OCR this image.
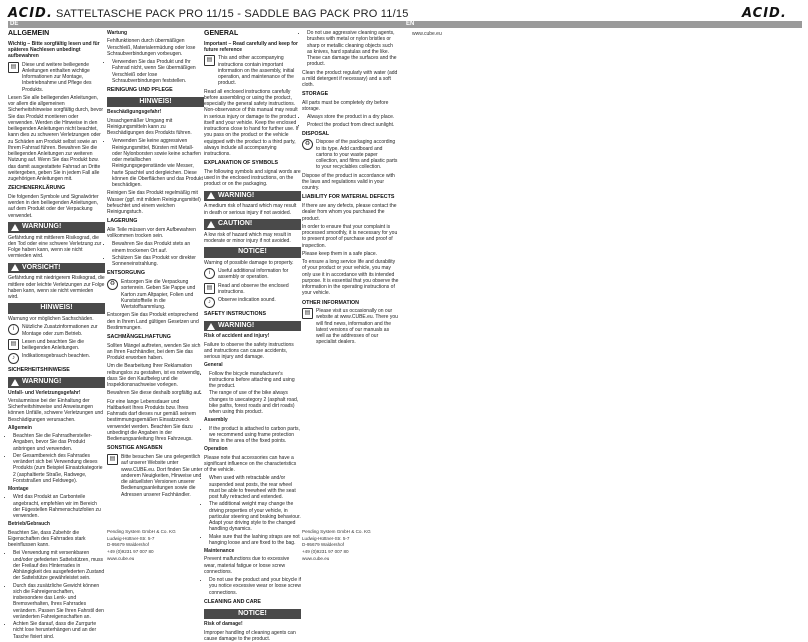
ACID. SATTELTASCHE PACK PRO 11/15 - SADDLE BAG PACK PRO 11/15	ACID.
DE	EN
ALLGEMEIN

Wichtig – Bitte sorgfältig lesen und für späteres Nachlesen unbedingt aufbewahren

▤	Diese und weitere beiliegende Anleitungen enthalten wichtige Informationen zur Montage, Inbetriebnahme und Pflege des Produkts.

Lesen Sie alle beiliegenden Anleitungen, vor allem die allgemeinen Sicherheitshinweise sorgfältig durch, bevor Sie das Produkt montieren oder verwenden. Werden die Hinweise in den beiliegenden Anleitungen nicht beachtet, kann dies zu schweren Verletzungen oder zu Schäden am Produkt selbst sowie an Ihrem Fahrrad führen. Bewahren Sie die beiliegenden Anleitungen zur weiteren Nutzung auf. Wenn Sie das Produkt bzw. das damit ausgestattete Fahrrad an Dritte weitergeben, geben Sie in jedem Fall alle zugehörigen Anleitungen mit.

ZEICHENERKLÄRUNG

Die folgenden Symbole und Signalwörter werden in den beiliegenden Anleitungen, auf dem Produkt oder der Verpackung verwendet.

WARNUNG!

Gefährdung mit mittlerem Risikograd, die den Tod oder eine schwere Verletzung zur Folge haben kann, wenn sie nicht vermieden wird.

VORSICHT!

Gefährdung mit niedrigerem Risikograd, die mittlere oder leichte Verletzungen zur Folge haben kann, wenn sie nicht vermieden wird.

HINWEIS!

Warnung vor möglichen Sachschäden.

i	Nützliche Zusatzinformationen zur Montage oder zum Betrieb.
▤	Lesen und beachten Sie die beiliegenden Anleitungen.
♪	Indikationsgebrauch beachten.
SICHERHEITSHINWEISE
WARNUNG!

Unfall- und Verletzungsgefahr!

Versäumnisse bei der Einhaltung der Sicherheitshinweise und Anweisungen können Unfälle, schwere Verletzungen und Beschädigungen verursachen.

Allgemein

• Beachten Sie die Fahrradhersteller-Angaben, bevor Sie das Produkt anbringen und verwenden.
• Der Gesamtbereich des Fahrrades verändert sich bei Verwendung dieses Produkts (zum Beispiel Einsatzkategorie 2 (asphaltierte Straße, Radwege, Forststraßen und Feldwege).

Montage

• Wird das Produkt an Carbonteile angebracht, empfehlen wir im Bereich der Fügestellen Rahmenschutzfolien zu verwenden.

Betrieb/Gebrauch

Beachten Sie, dass Zubehör die Eigenschaften des Fahrrades stark beeinflussen kann.

• Bei Verwendung mit versenkbaren und/oder gefederten Sattelstützen, muss der Freilauf des Hinterrades in Abhängigkeit des ausgefederten Zustand der Sattelstütze gewährleistet sein.
• Durch das zusätzliche Gewicht können sich die Fahreigenschaften, insbesondere das Lenk- und Bremsverhalten, Ihres Fahrrades verändern. Passen Sie Ihren Fahrstil den veränderten Fahreigenschaften an.
• Achten Sie darauf, dass die Zurrgurte nicht lose herunterhängen und an der Tasche fixiert sind.

Wartung

Fehlfunktionen durch übermäßigen Verschleiß, Materialermüdung oder lose Schraubverbindungen vorbeugen.

• Verwenden Sie das Produkt und Ihr Fahrrad nicht, wenn Sie übermäßigen Verschleiß oder lose Schraubverbindungen feststellen.
REINIGUNG UND PFLEGE
HINWEIS!

Beschädigungsgefahr!

Unsachgemäßer Umgang mit Reinigungsmitteln kann zu Beschädigungen des Produkts führen.

• Verwenden Sie keine aggressiven Reinigungsmittel, Bürsten mit Metall- oder Nylonborsten sowie keine scharfen oder metallischen Reinigungsgegenstände wie Messer, harte Spachtel und dergleichen. Diese können die Oberflächen und das Produkt beschädigen.

Reinigen Sie das Produkt regelmäßig mit Wasser (ggf. mit mildem Reinigungsmittel) befeuchtet und einem weichen Reinigungstuch.

LAGERUNG

Alle Teile müssen vor dem Aufbewahren vollkommen trocken sein.

• Bewahren Sie das Produkt stets an einem trockenen Ort auf.
• Schützen Sie das Produkt vor direkter Sonneneinstrahlung.
ENTSORGUNG
♻	Entsorgen Sie die Verpackung sortenrein. Geben Sie Pappe und Karton zum Altpapier, Folien und Kunststoffteile in die Wertstoffsammlung.

Entsorgen Sie das Produkt entsprechend den in Ihrem Land gültigen Gesetzen und Bestimmungen.

SACHMÄNGELHAFTUNG

Sollten Mängel auftreten, wenden Sie sich an Ihren Fachhändler, bei dem Sie das Produkt erworben haben.

Um die Bearbeitung Ihrer Reklamation reibungslos zu gestalten, ist es notwendig, dass Sie den Kaufbeleg und die Inspektionsnachweise vorlegen.

Bewahren Sie diese deshalb sorgfältig auf.

Für eine lange Lebensdauer und Haltbarkeit Ihres Produkts bzw. Ihres Fahrrads darf dieses nur gemäß seinem bestimmungsgemäßen Einsatzzweck verwendet werden. Beachten Sie dazu unbedingt die Angaben in der Bedienungsanleitung Ihres Fahrzeugs.

SONSTIGE ANGABEN
▤	Bitte besuchen Sie uns gelegentlich auf unserer Website unter www.CUBE.eu. Dort finden Sie unter anderem Neuigkeiten, Hinweise und die aktuellsten Versionen unserer Bedienungsanleitungen sowie die Adressen unserer Fachhändler.
Pending System GmbH & Co. KG
Ludwig-Hüttner-Str. 5-7
D-95679 Waldershof
+49 (0)9231 97 007 80
www.cube.eu
GENERAL

Important – Read carefully and keep for future reference

▤	This and other accompanying instructions contain important information on the assembly, initial operation, and maintenance of the product.

Read all enclosed instructions carefully before assembling or using the product, especially the general safety instructions. Non-observance of this manual may result in serious injury or damage to the product itself and your vehicle. Keep the enclosed instructions close to hand for further use. If you pass on the product or the vehicle equipped with the product to a third party, always include all accompanying instructions.

EXPLANATION OF SYMBOLS

The following symbols and signal words are used in the enclosed instructions, on the product or on the packaging.

WARNING!

A medium risk of hazard which may result in death or serious injury if not avoided.

CAUTION!

A low risk of hazard which may result in moderate or minor injury if not avoided.

NOTICE!

Warning of possible damage to property.

i	Useful additional information for assembly or operation.
▤	Read and observe the enclosed instructions.
♪	Observe indication sound.
SAFETY INSTRUCTIONS
WARNING!

Risk of accident and injury!

Failure to observe the safety instructions and instructions can cause accidents, serious injury and damage.

General

• Follow the bicycle manufacturer's instructions before attaching and using the product.
• The range of use of the bike always changes to usecategory 2 (asphalt road, bike paths, forest roads and dirt roads) when using this product.

Assembly

• If the product is attached to carbon parts, we recommend using frame protection films in the area of the fixed points.

Operation

Please note that accessories can have a significant influence on the characteristics of the vehicle.

• When used with retractable and/or suspended seat posts, the rear wheel must be able to freewheel with the seat post fully retracted and extended.
• The additional weight may change the driving properties of your vehicle, in particular steering and braking behaviour. Adapt your driving style to the changed handling dynamics.
• Make sure that the lashing straps are not hanging loose and are fixed to the bag.

Maintenance

Prevent malfunctions due to excessive wear, material fatigue or loose screw connections.

• Do not use the product and your bicycle if you notice excessive wear or loose screw connections.
CLEANING AND CARE
NOTICE!

Risk of damage!

Improper handling of cleaning agents can cause damage to the product.

• Do not use aggressive cleaning agents, brushes with metal or nylon bristles or sharp or metallic cleaning objects such as knives, hard spatulas and the like. These can damage the surfaces and the product.

Clean the product regularly with water (add a mild detergent if necessary) and a soft cloth.

STORAGE

All parts must be completely dry before storage.

• Always store the product in a dry place.
• Protect the product from direct sunlight.
DISPOSAL
♻	Dispose of the packaging according to its type. Add cardboard and cartons to your waste paper collection, and films and plastic parts to your recyclables collection.

Dispose of the product in accordance with the laws and regulations valid in your country.

LIABILITY FOR MATERIAL DEFECTS

If there are any defects, please contact the dealer from whom you purchased the product.

In order to ensure that your complaint is processed smoothly, it is necessary for you to present proof of purchase and proof of inspection.

Please keep them in a safe place.

To ensure a long service life and durability of your product or your vehicle, you may only use it in accordance with its intended purpose. It is essential that you observe the information in the operating instructions of your vehicle.

OTHER INFORMATION
▤	Please visit us occasionally on our website at www.CUBE.eu. There you will find news, information and the latest versions of our manuals as well as the addresses of our specialist dealers.
Pending System GmbH & Co. KG
Ludwig-Hüttner-Str. 5-7
D-95679 Waldershof
+49 (0)9231 97 007 80
www.cube.eu
www.cube.eu
